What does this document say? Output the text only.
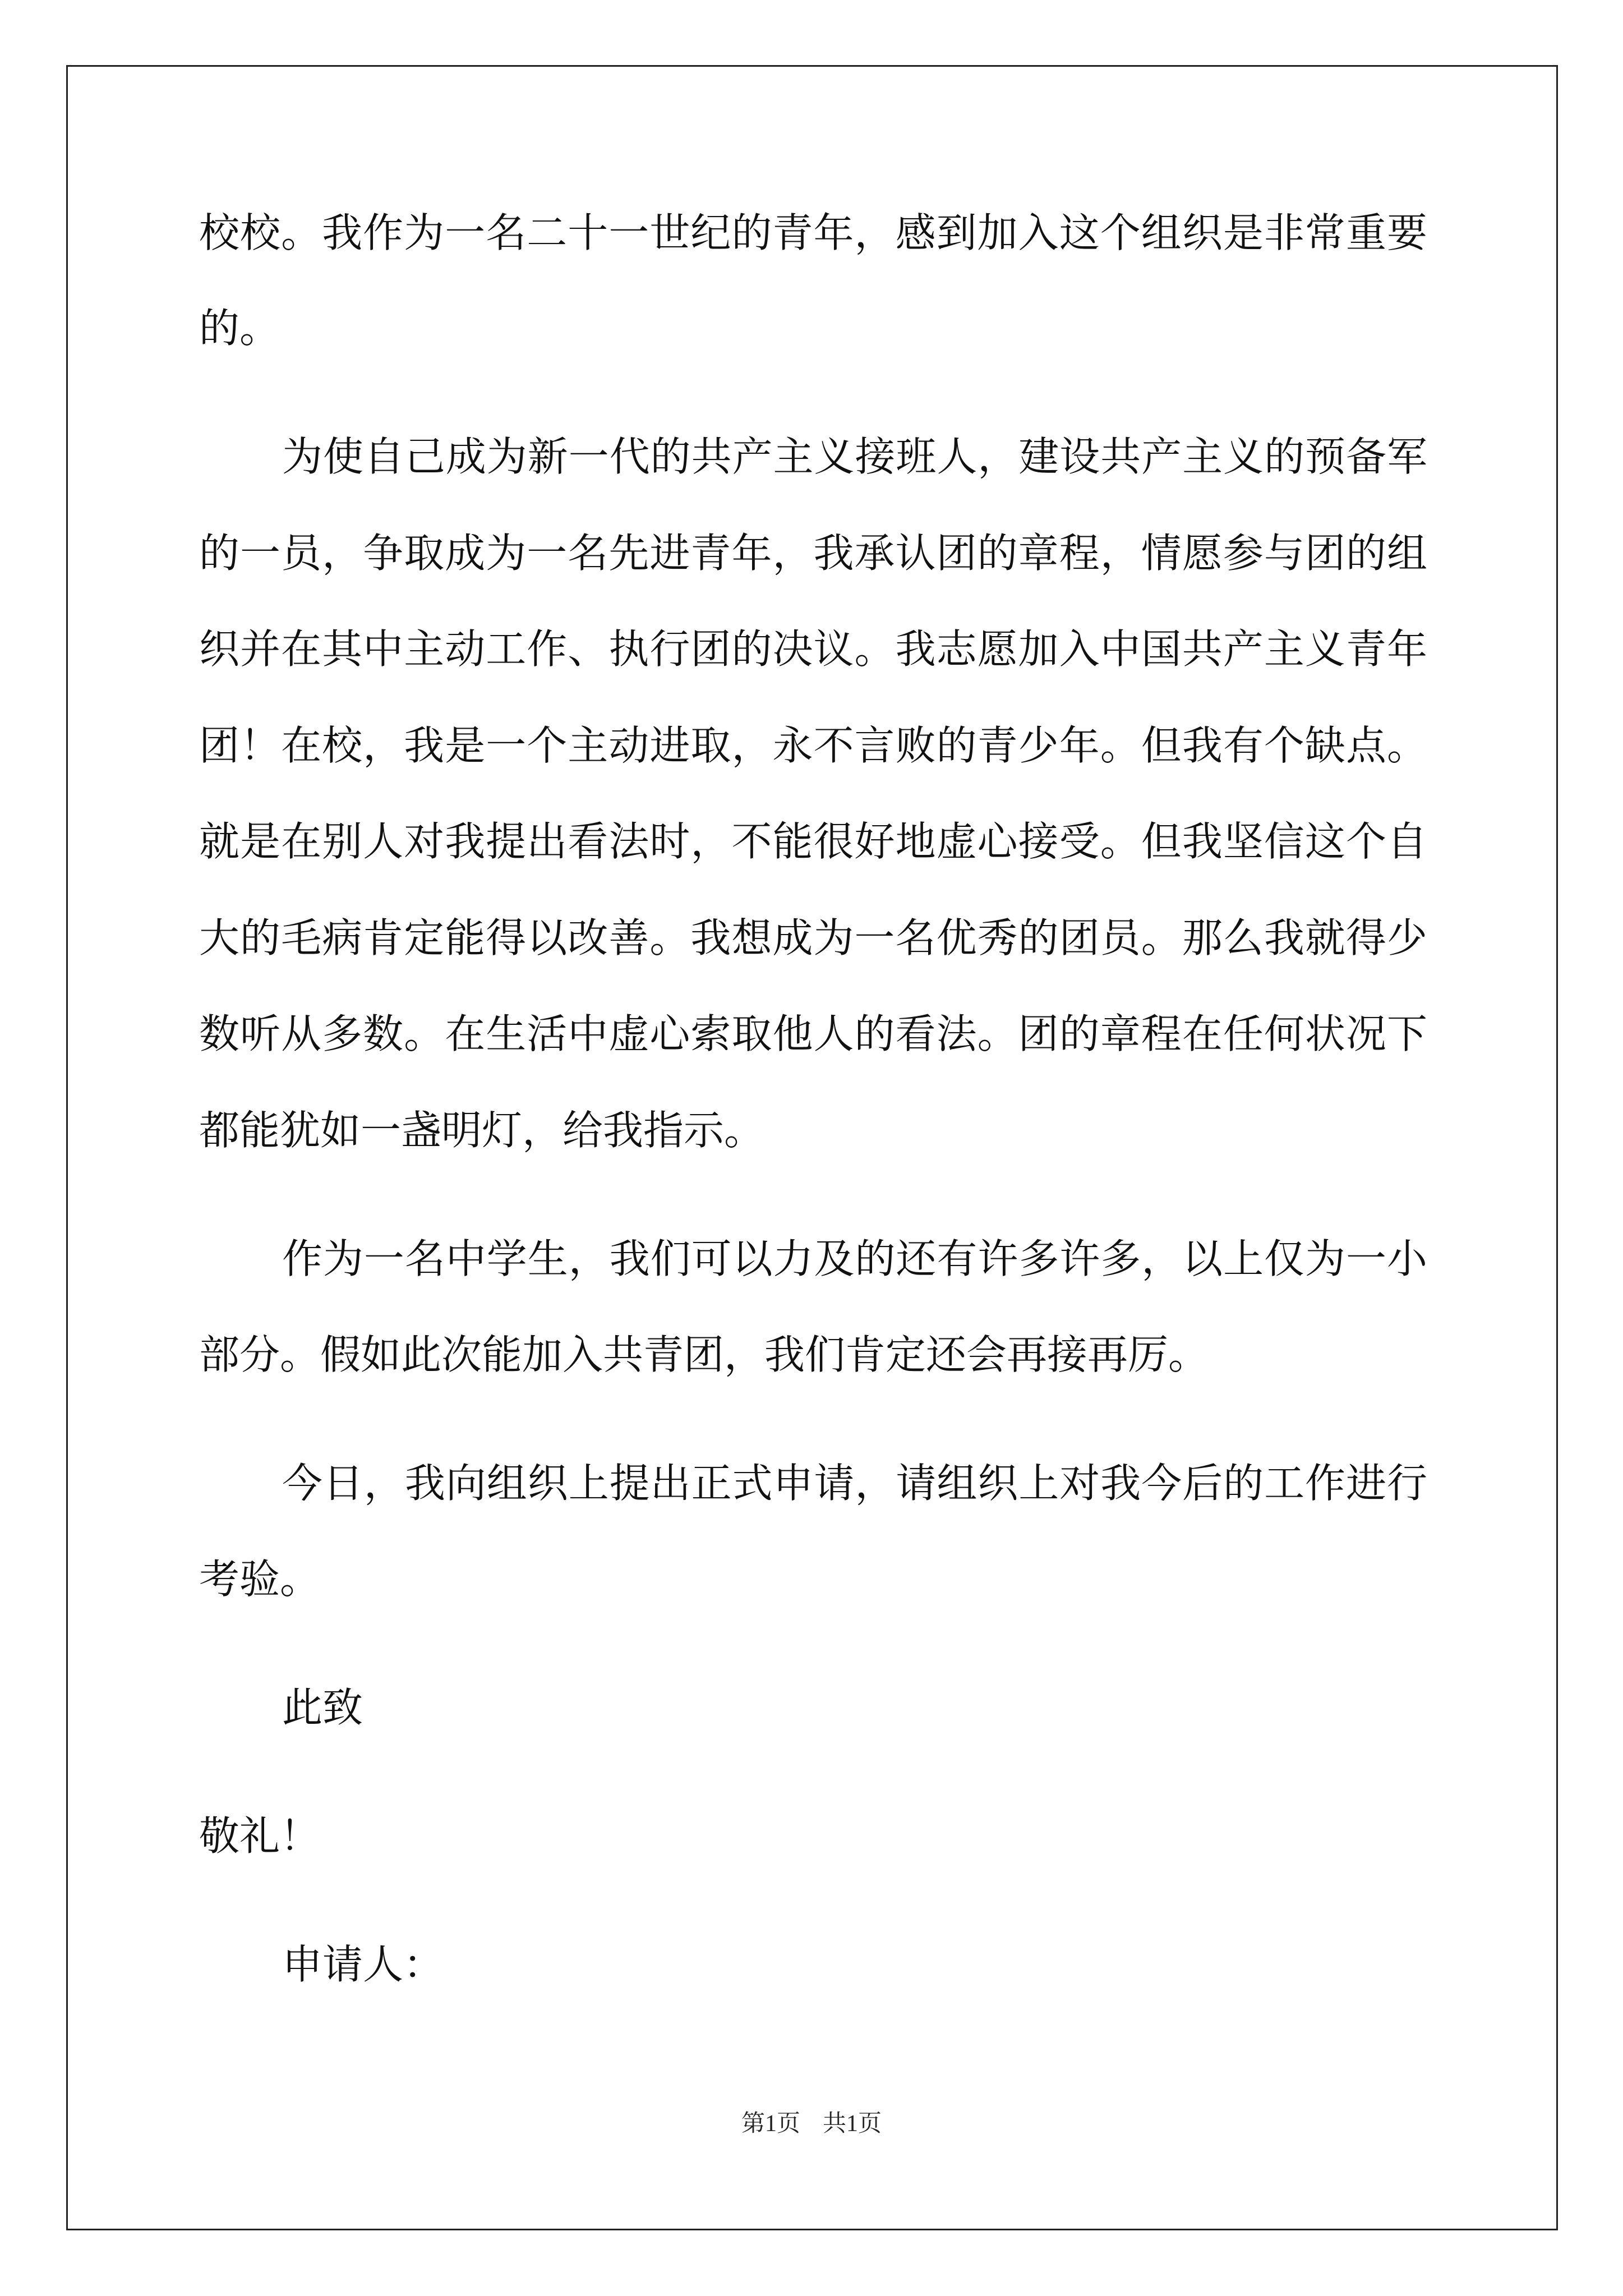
校校。我作为一名二十一世纪的青年，感到加入这个组织是非常重要
的。
为使自己成为新一代的共产主义接班人，建设共产主义的预备军
的一员，争取成为一名先进青年，我承认团的章程，情愿参与团的组
织并在其中主动工作、执行团的决议。我志愿加入中国共产主义青年
团！在校，我是一个主动进取，永不言败的青少年。但我有个缺点。
就是在别人对我提出看法时，不能很好地虚心接受。但我坚信这个自
大的毛病肯定能得以改善。我想成为一名优秀的团员。那么我就得少
数听从多数。在生活中虚心索取他人的看法。团的章程在任何状况下
都能犹如一盏明灯，给我指示。
作为一名中学生，我们可以力及的还有许多许多，以上仅为一小
部分。假如此次能加入共青团，我们肯定还会再接再厉。
今日，我向组织上提出正式申请，请组织上对我今后的工作进行
考验。
此致
敬礼！
申请人：
第1页 共1页
